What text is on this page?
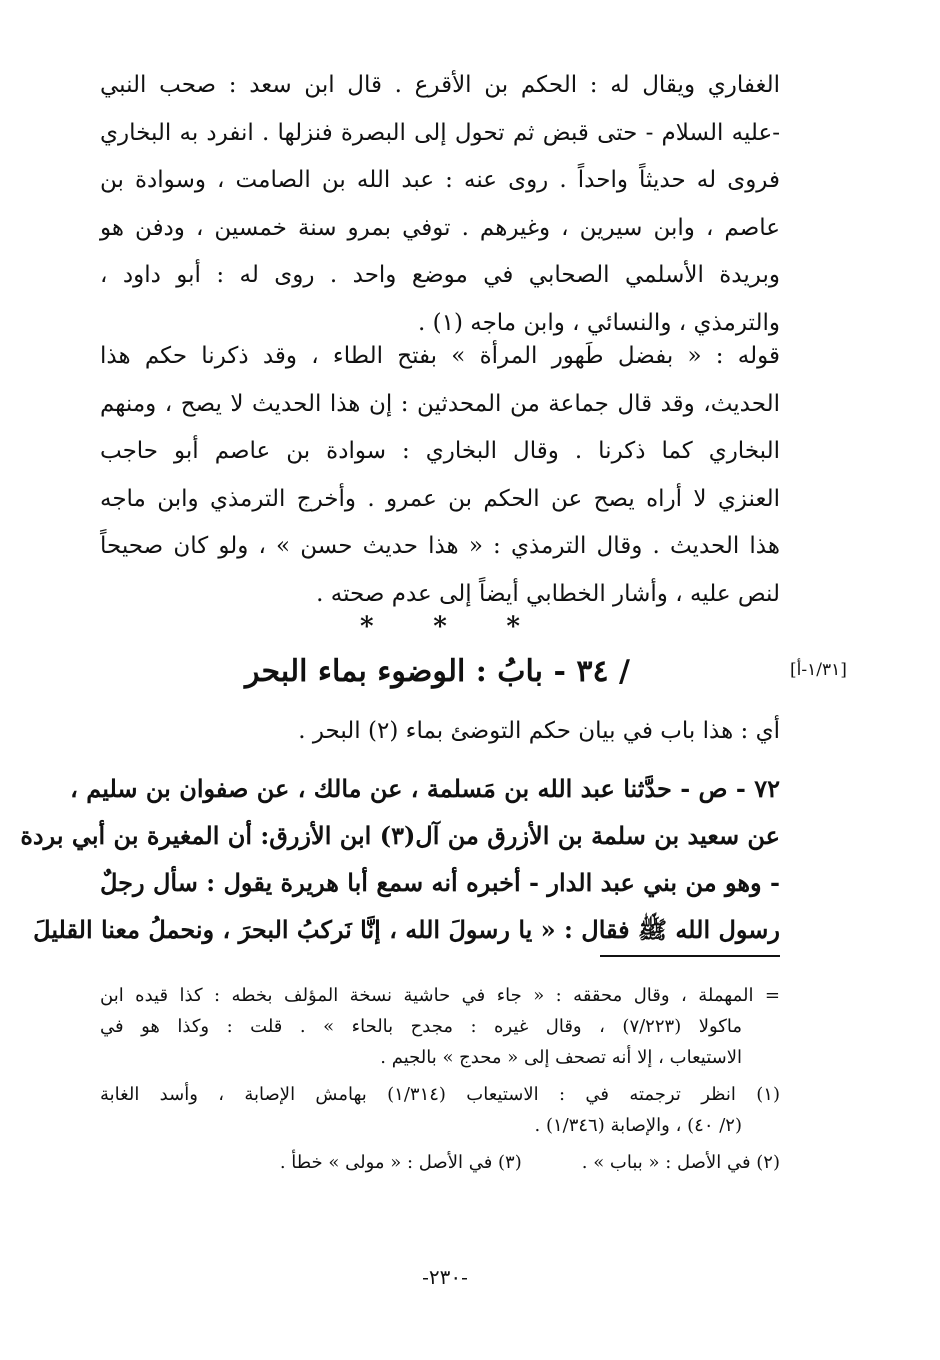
الغفاري ويقال له : الحكم بن الأقرع . قال ابن سعد : صحب النبي
-عليه السلام - حتى قبض ثم تحول إلى البصرة فنزلها . انفرد به البخاري
فروى له حديثاً واحداً . روى عنه : عبد الله بن الصامت ، وسوادة بن
عاصم ، وابن سيرين ، وغيرهم . توفي بمرو سنة خمسين ، ودفن هو
وبريدة الأسلمي الصحابي في موضع واحد . روى له : أبو داود ،
والترمذي ، والنسائي ، وابن ماجه (١) .
قوله : « بفضل طَهور المرأة » بفتح الطاء ، وقد ذكرنا حكم هذا
الحديث، وقد قال جماعة من المحدثين : إن هذا الحديث لا يصح ، ومنهم
البخاري كما ذكرنا . وقال البخاري : سوادة بن عاصم أبو حاجب
العنزي لا أراه يصح عن الحكم بن عمرو . وأخرج الترمذي وابن ماجه
هذا الحديث . وقال الترمذي : « هذا حديث حسن » ، ولو كان صحيحاً
لنص عليه ، وأشار الخطابي أيضاً إلى عدم صحته .
* * *
/ ٣٤ - بابُ : الوضوء بماء البحر	[١/٣١-أ]
أي : هذا باب في بيان حكم التوضئ بماء (٢) البحر .
٧٢ - ص - حدَّثنا عبد الله بن مَسلمة ، عن مالك ، عن صفوان بن سليم ،
عن سعيد بن سلمة بن الأزرق من آل(٣) ابن الأزرق: أن المغيرة بن أبي بردة
- وهو من بني عبد الدار - أخبره أنه سمع أبا هريرة يقول : سأل رجلٌ
رسول الله ﷺ فقال : « يا رسولَ الله ، إنَّا نَركبُ البحرَ ، ونحملُ معنا القليلَ
= المهملة ، وقال محققه : « جاء في حاشية نسخة المؤلف بخطه : كذا قيده ابن
ماكولا (٧/٢٢٣) ، وقال غيره : مجدح بالحاء » . قلت : وكذا هو في
الاستيعاب ، إلا أنه تصحف إلى « محدج » بالجيم .
(١) انظر ترجمته في : الاستيعاب (١/٣١٤) بهامش الإصابة ، وأسد الغابة
(٢/ ٤٠) ، والإصابة (١/٣٤٦) .
(٢) في الأصل : « بباب » .
(٣) في الأصل : « مولى » خطأ .
-٢٣٠-
